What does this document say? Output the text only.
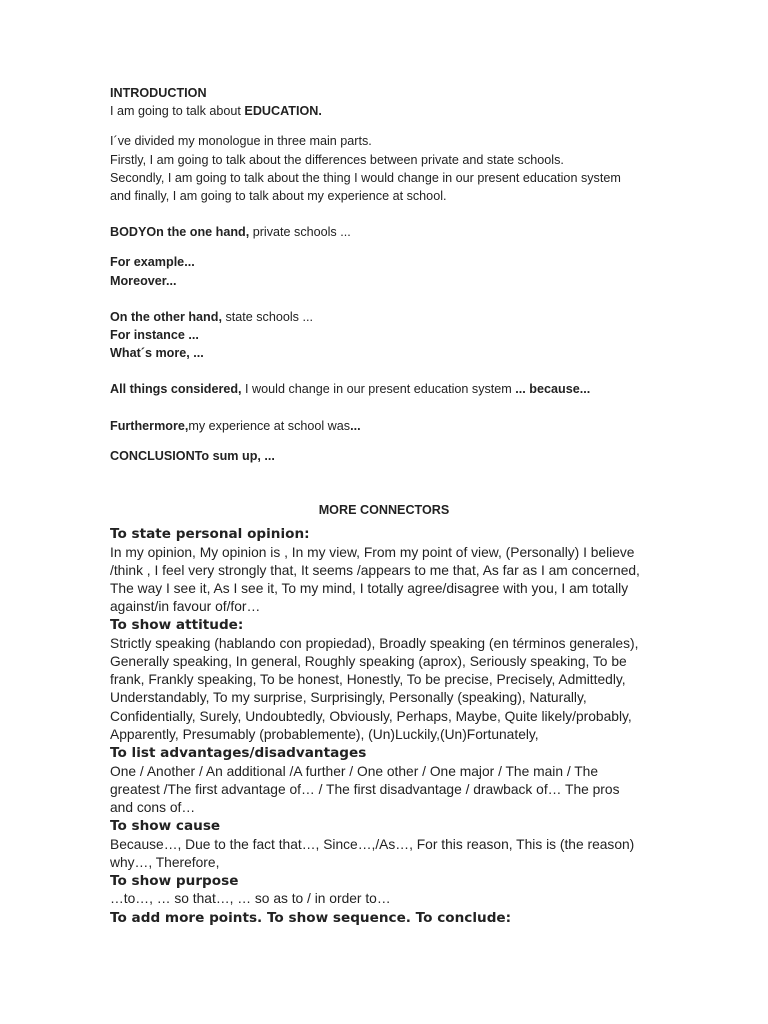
INTRODUCTION

I am going to talk about EDUCATION.

I´ve divided my monologue in three main parts.

Firstly, I am going to talk about the differences between private and state schools.

Secondly, I am going to talk about the thing I would change in our present education system

and finally, I am going to talk about my experience at school.

BODYOn the one hand, private schools ...

For example...

Moreover...

On the other hand, state schools ...

For instance ...

What´s more, ...

All things considered, I would change in our present education system ... because...

Furthermore,my experience at school was...

CONCLUSIONTo sum up, ...

MORE CONNECTORS

To state personal opinion:

In my opinion, My opinion is , In my view, From my point of view, (Personally) I believe

/think , I feel very strongly that, It seems /appears to me that, As far as I am concerned,

The way I see it, As I see it, To my mind, I totally agree/disagree with you, I am totally

against/in favour of/for…

To show attitude:

Strictly speaking (hablando con propiedad), Broadly speaking (en términos generales),

Generally speaking, In general, Roughly speaking (aprox), Seriously speaking, To be

frank, Frankly speaking, To be honest, Honestly, To be precise, Precisely, Admittedly,

Understandably, To my surprise, Surprisingly, Personally (speaking), Naturally,

Confidentially, Surely, Undoubtedly, Obviously, Perhaps, Maybe, Quite likely/probably,

Apparently, Presumably (probablemente), (Un)Luckily,(Un)Fortunately,

To list advantages/disadvantages

One / Another / An additional /A further / One other / One major / The main / The

greatest /The first advantage of… / The first disadvantage / drawback of… The pros

and cons of…

To show cause

Because…, Due to the fact that…, Since…,/As…, For this reason, This is (the reason)

why…, Therefore,

To show purpose

…to…, … so that…, … so as to / in order to…

To add more points. To show sequence. To conclude:
